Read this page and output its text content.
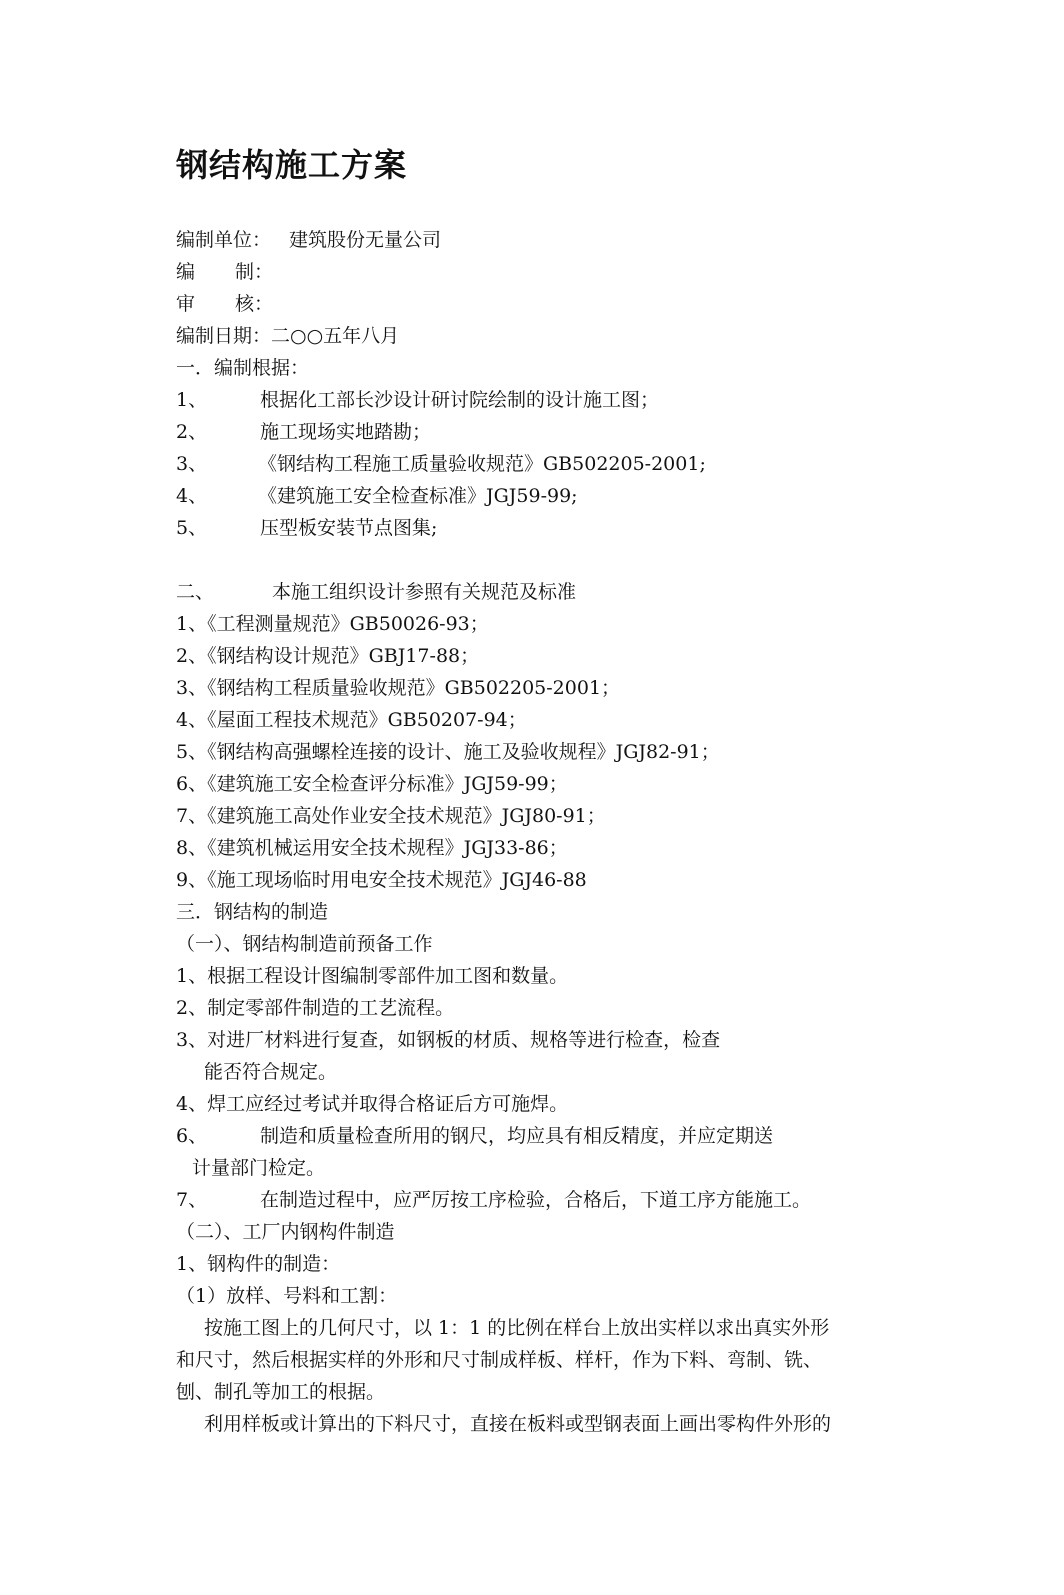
钢结构施工方案
编制单位： 建筑股份无量公司
编 制：
审 核：
编制日期：二○○五年八月
一．编制根据：
1、	根据化工部长沙设计研讨院绘制的设计施工图；
2、	施工现场实地踏勘；
3、	《钢结构工程施工质量验收规范》GB502205-2001;
4、	《建筑施工安全检查标准》JGJ59-99;
5、	压型板安装节点图集;
二、	本施工组织设计参照有关规范及标准
1、《工程测量规范》GB50026-93；
2、《钢结构设计规范》GBJ17-88；
3、《钢结构工程质量验收规范》GB502205-2001；
4、《屋面工程技术规范》GB50207-94；
5、《钢结构高强螺栓连接的设计、施工及验收规程》JGJ82-91；
6、《建筑施工安全检查评分标准》JGJ59-99；
7、《建筑施工高处作业安全技术规范》JGJ80-91；
8、《建筑机械运用安全技术规程》JGJ33-86；
9、《施工现场临时用电安全技术规范》JGJ46-88
三．钢结构的制造
（一）、钢结构制造前预备工作
1、根据工程设计图编制零部件加工图和数量。
2、制定零部件制造的工艺流程。
3、对进厂材料进行复查，如钢板的材质、规格等进行检查，检查
能否符合规定。
4、焊工应经过考试并取得合格证后方可施焊。
6、	制造和质量检查所用的钢尺，均应具有相反精度，并应定期送
计量部门检定。
7、	在制造过程中，应严厉按工序检验，合格后，下道工序方能施工。
（二）、工厂内钢构件制造
1、钢构件的制造：
（1）放样、号料和工割：
按施工图上的几何尺寸，以 1：1 的比例在样台上放出实样以求出真实外形
和尺寸，然后根据实样的外形和尺寸制成样板、样杆，作为下料、弯制、铣、
刨、制孔等加工的根据。
利用样板或计算出的下料尺寸，直接在板料或型钢表面上画出零构件外形的
